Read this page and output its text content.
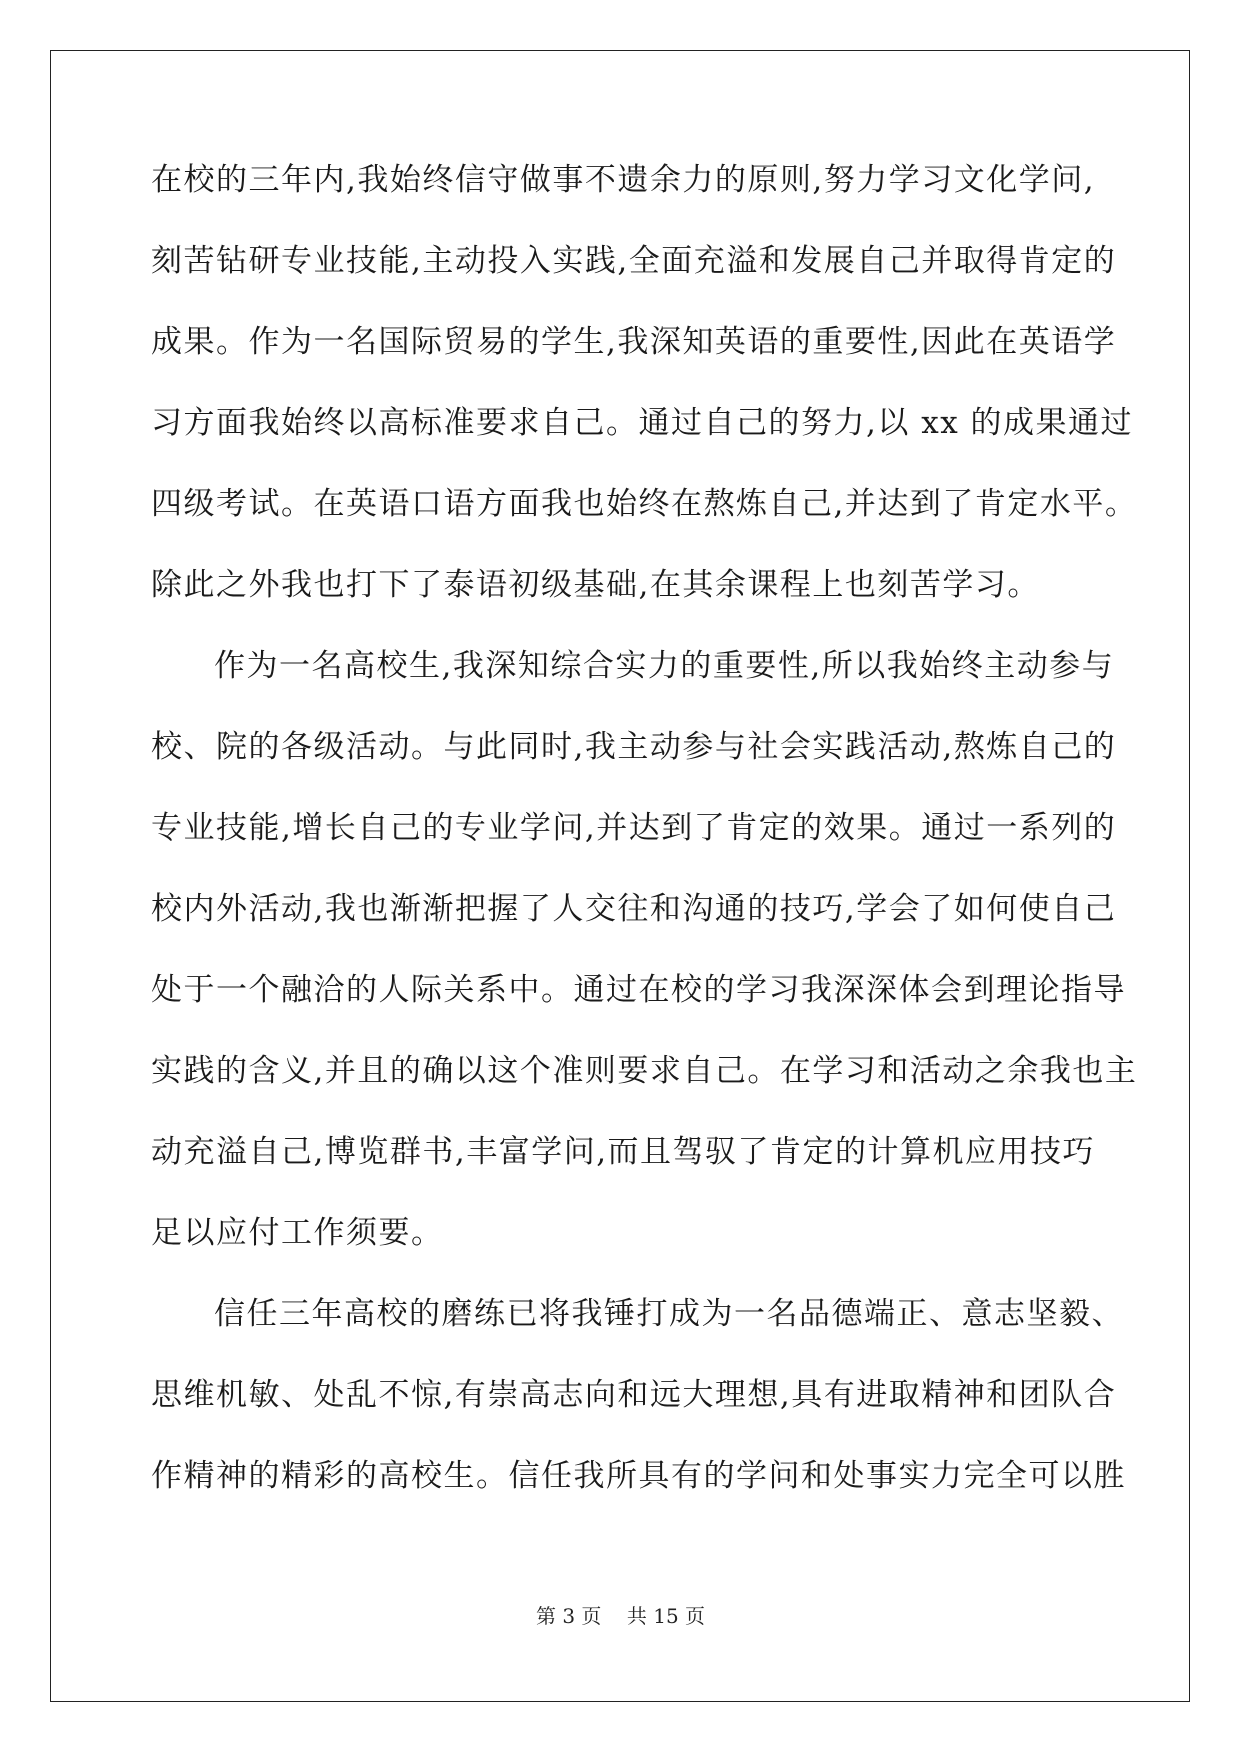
在校的三年内,我始终信守做事不遗余力的原则,努力学习文化学问,
刻苦钻研专业技能,主动投入实践,全面充溢和发展自己并取得肯定的
成果。作为一名国际贸易的学生,我深知英语的重要性,因此在英语学
习方面我始终以高标准要求自己。通过自己的努力,以 xx 的成果通过
四级考试。在英语口语方面我也始终在熬炼自己,并达到了肯定水平。
除此之外我也打下了泰语初级基础,在其余课程上也刻苦学习。
作为一名高校生,我深知综合实力的重要性,所以我始终主动参与
校、院的各级活动。与此同时,我主动参与社会实践活动,熬炼自己的
专业技能,增长自己的专业学问,并达到了肯定的效果。通过一系列的
校内外活动,我也渐渐把握了人交往和沟通的技巧,学会了如何使自己
处于一个融洽的人际关系中。通过在校的学习我深深体会到理论指导
实践的含义,并且的确以这个准则要求自己。在学习和活动之余我也主
动充溢自己,博览群书,丰富学问,而且驾驭了肯定的计算机应用技巧
足以应付工作须要。
信任三年高校的磨练已将我锤打成为一名品德端正、意志坚毅、
思维机敏、处乱不惊,有崇高志向和远大理想,具有进取精神和团队合
作精神的精彩的高校生。信任我所具有的学问和处事实力完全可以胜
第 3 页 共 15 页
